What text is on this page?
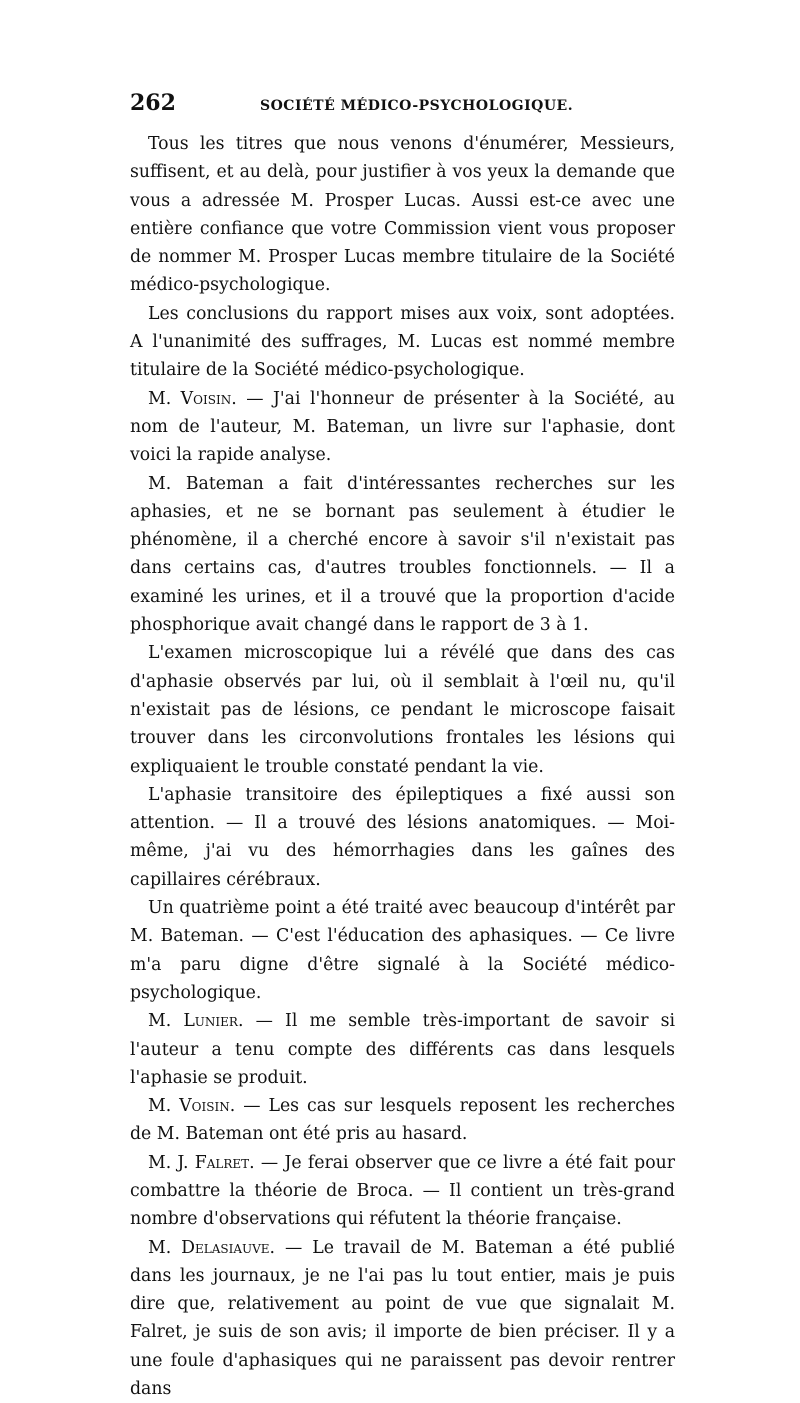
262	SOCIÉTÉ MÉDICO-PSYCHOLOGIQUE.

Tous les titres que nous venons d'énumérer, Messieurs, suffisent, et au delà, pour justifier à vos yeux la demande que vous a adressée M. Prosper Lucas. Aussi est-ce avec une entière confiance que votre Commission vient vous proposer de nommer M. Prosper Lucas membre titulaire de la Société médico-psychologique.

Les conclusions du rapport mises aux voix, sont adoptées. A l'unanimité des suffrages, M. Lucas est nommé membre titulaire de la Société médico-psychologique.

M. Voisin. — J'ai l'honneur de présenter à la Société, au nom de l'auteur, M. Bateman, un livre sur l'aphasie, dont voici la rapide analyse.

M. Bateman a fait d'intéressantes recherches sur les aphasies, et ne se bornant pas seulement à étudier le phénomène, il a cherché encore à savoir s'il n'existait pas dans certains cas, d'autres troubles fonctionnels. — Il a examiné les urines, et il a trouvé que la proportion d'acide phosphorique avait changé dans le rapport de 3 à 1.

L'examen microscopique lui a révélé que dans des cas d'aphasie observés par lui, où il semblait à l'œil nu, qu'il n'existait pas de lésions, ce pendant le microscope faisait trouver dans les circonvolutions frontales les lésions qui expliquaient le trouble constaté pendant la vie.

L'aphasie transitoire des épileptiques a fixé aussi son attention. — Il a trouvé des lésions anatomiques. — Moi-même, j'ai vu des hémorrhagies dans les gaînes des capillaires cérébraux.

Un quatrième point a été traité avec beaucoup d'intérêt par M. Bateman. — C'est l'éducation des aphasiques. — Ce livre m'a paru digne d'être signalé à la Société médico-psychologique.

M. Lunier. — Il me semble très-important de savoir si l'auteur a tenu compte des différents cas dans lesquels l'aphasie se produit.

M. Voisin. — Les cas sur lesquels reposent les recherches de M. Bateman ont été pris au hasard.

M. J. Falret. — Je ferai observer que ce livre a été fait pour combattre la théorie de Broca. — Il contient un très-grand nombre d'observations qui réfutent la théorie française.

M. Delasiauve. — Le travail de M. Bateman a été publié dans les journaux, je ne l'ai pas lu tout entier, mais je puis dire que, relativement au point de vue que signalait M. Falret, je suis de son avis; il importe de bien préciser. Il y a une foule d'aphasiques qui ne paraissent pas devoir rentrer dans
